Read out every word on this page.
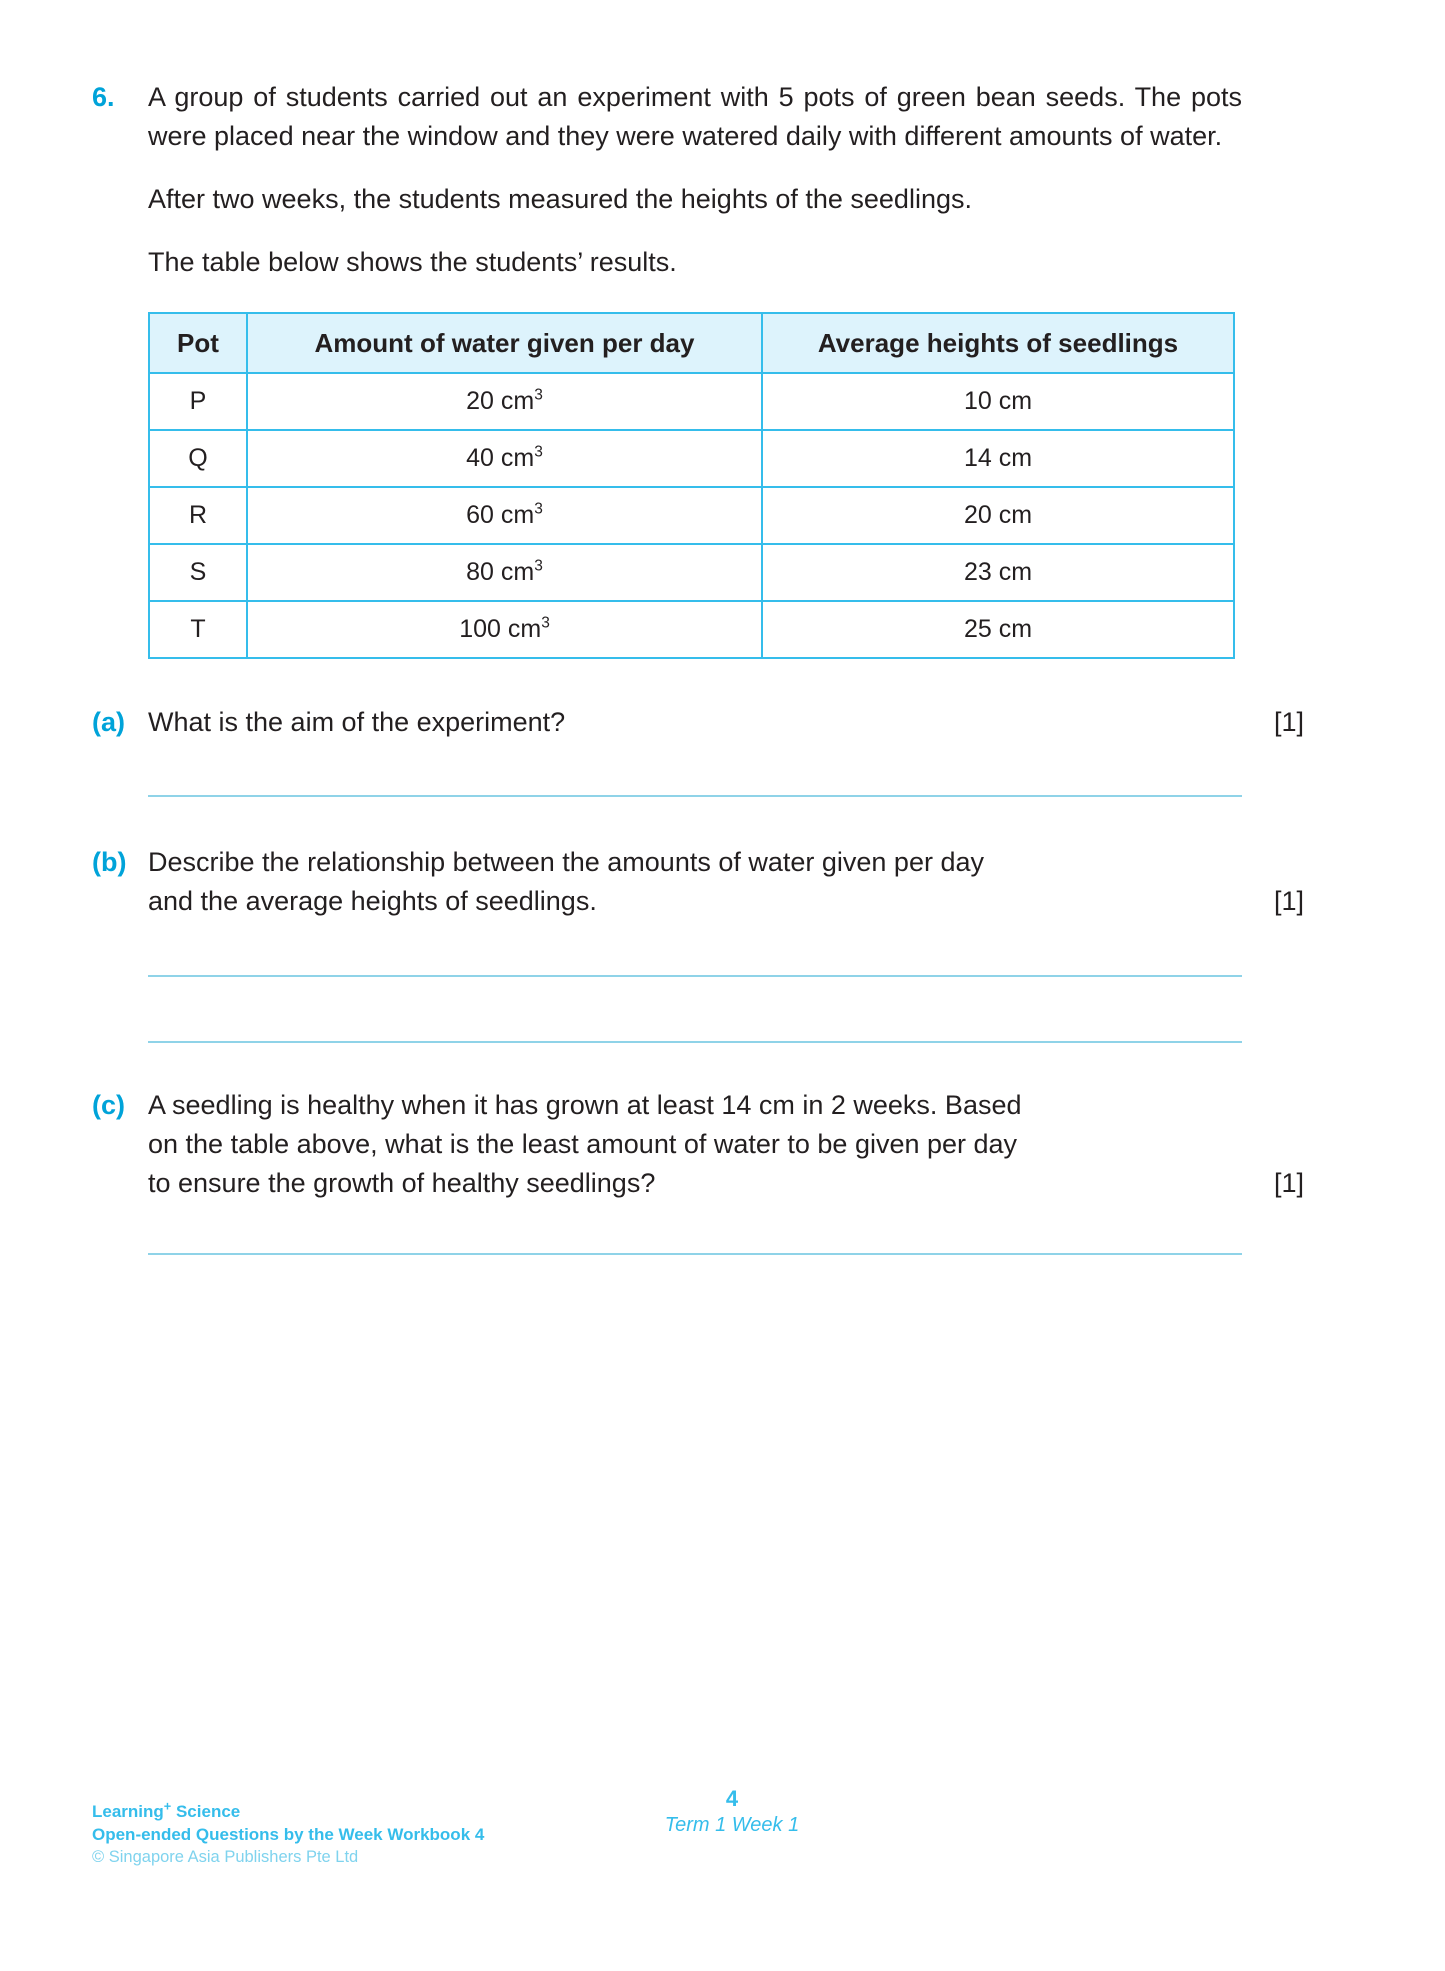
6.	A group of students carried out an experiment with 5 pots of green bean seeds. The pots were placed near the window and they were watered daily with different amounts of water.

After two weeks, the students measured the heights of the seedlings.

The table below shows the students’ results.

Pot	Amount of water given per day	Average heights of seedlings
P	20 $cm^3$	10 cm
Q	40 $cm^3$	14 cm
R	60 $cm^3$	20 cm
S	80 $cm^3$	23 cm
T	100 $cm^3$	25 cm
(a) What is the aim of the experiment?	[1]
(b) Describe the relationship between the amounts of water given per day

and the average heights of seedlings.	[1]
(c) A seedling is healthy when it has grown at least 14 cm in 2 weeks. Based

on the table above, what is the least amount of water to be given per day

to ensure the growth of healthy seedlings?	[1]
Learning+ Science
Open-ended Questions by the Week Workbook 4
© Singapore Asia Publishers Pte Ltd
4
Term 1 Week 1
